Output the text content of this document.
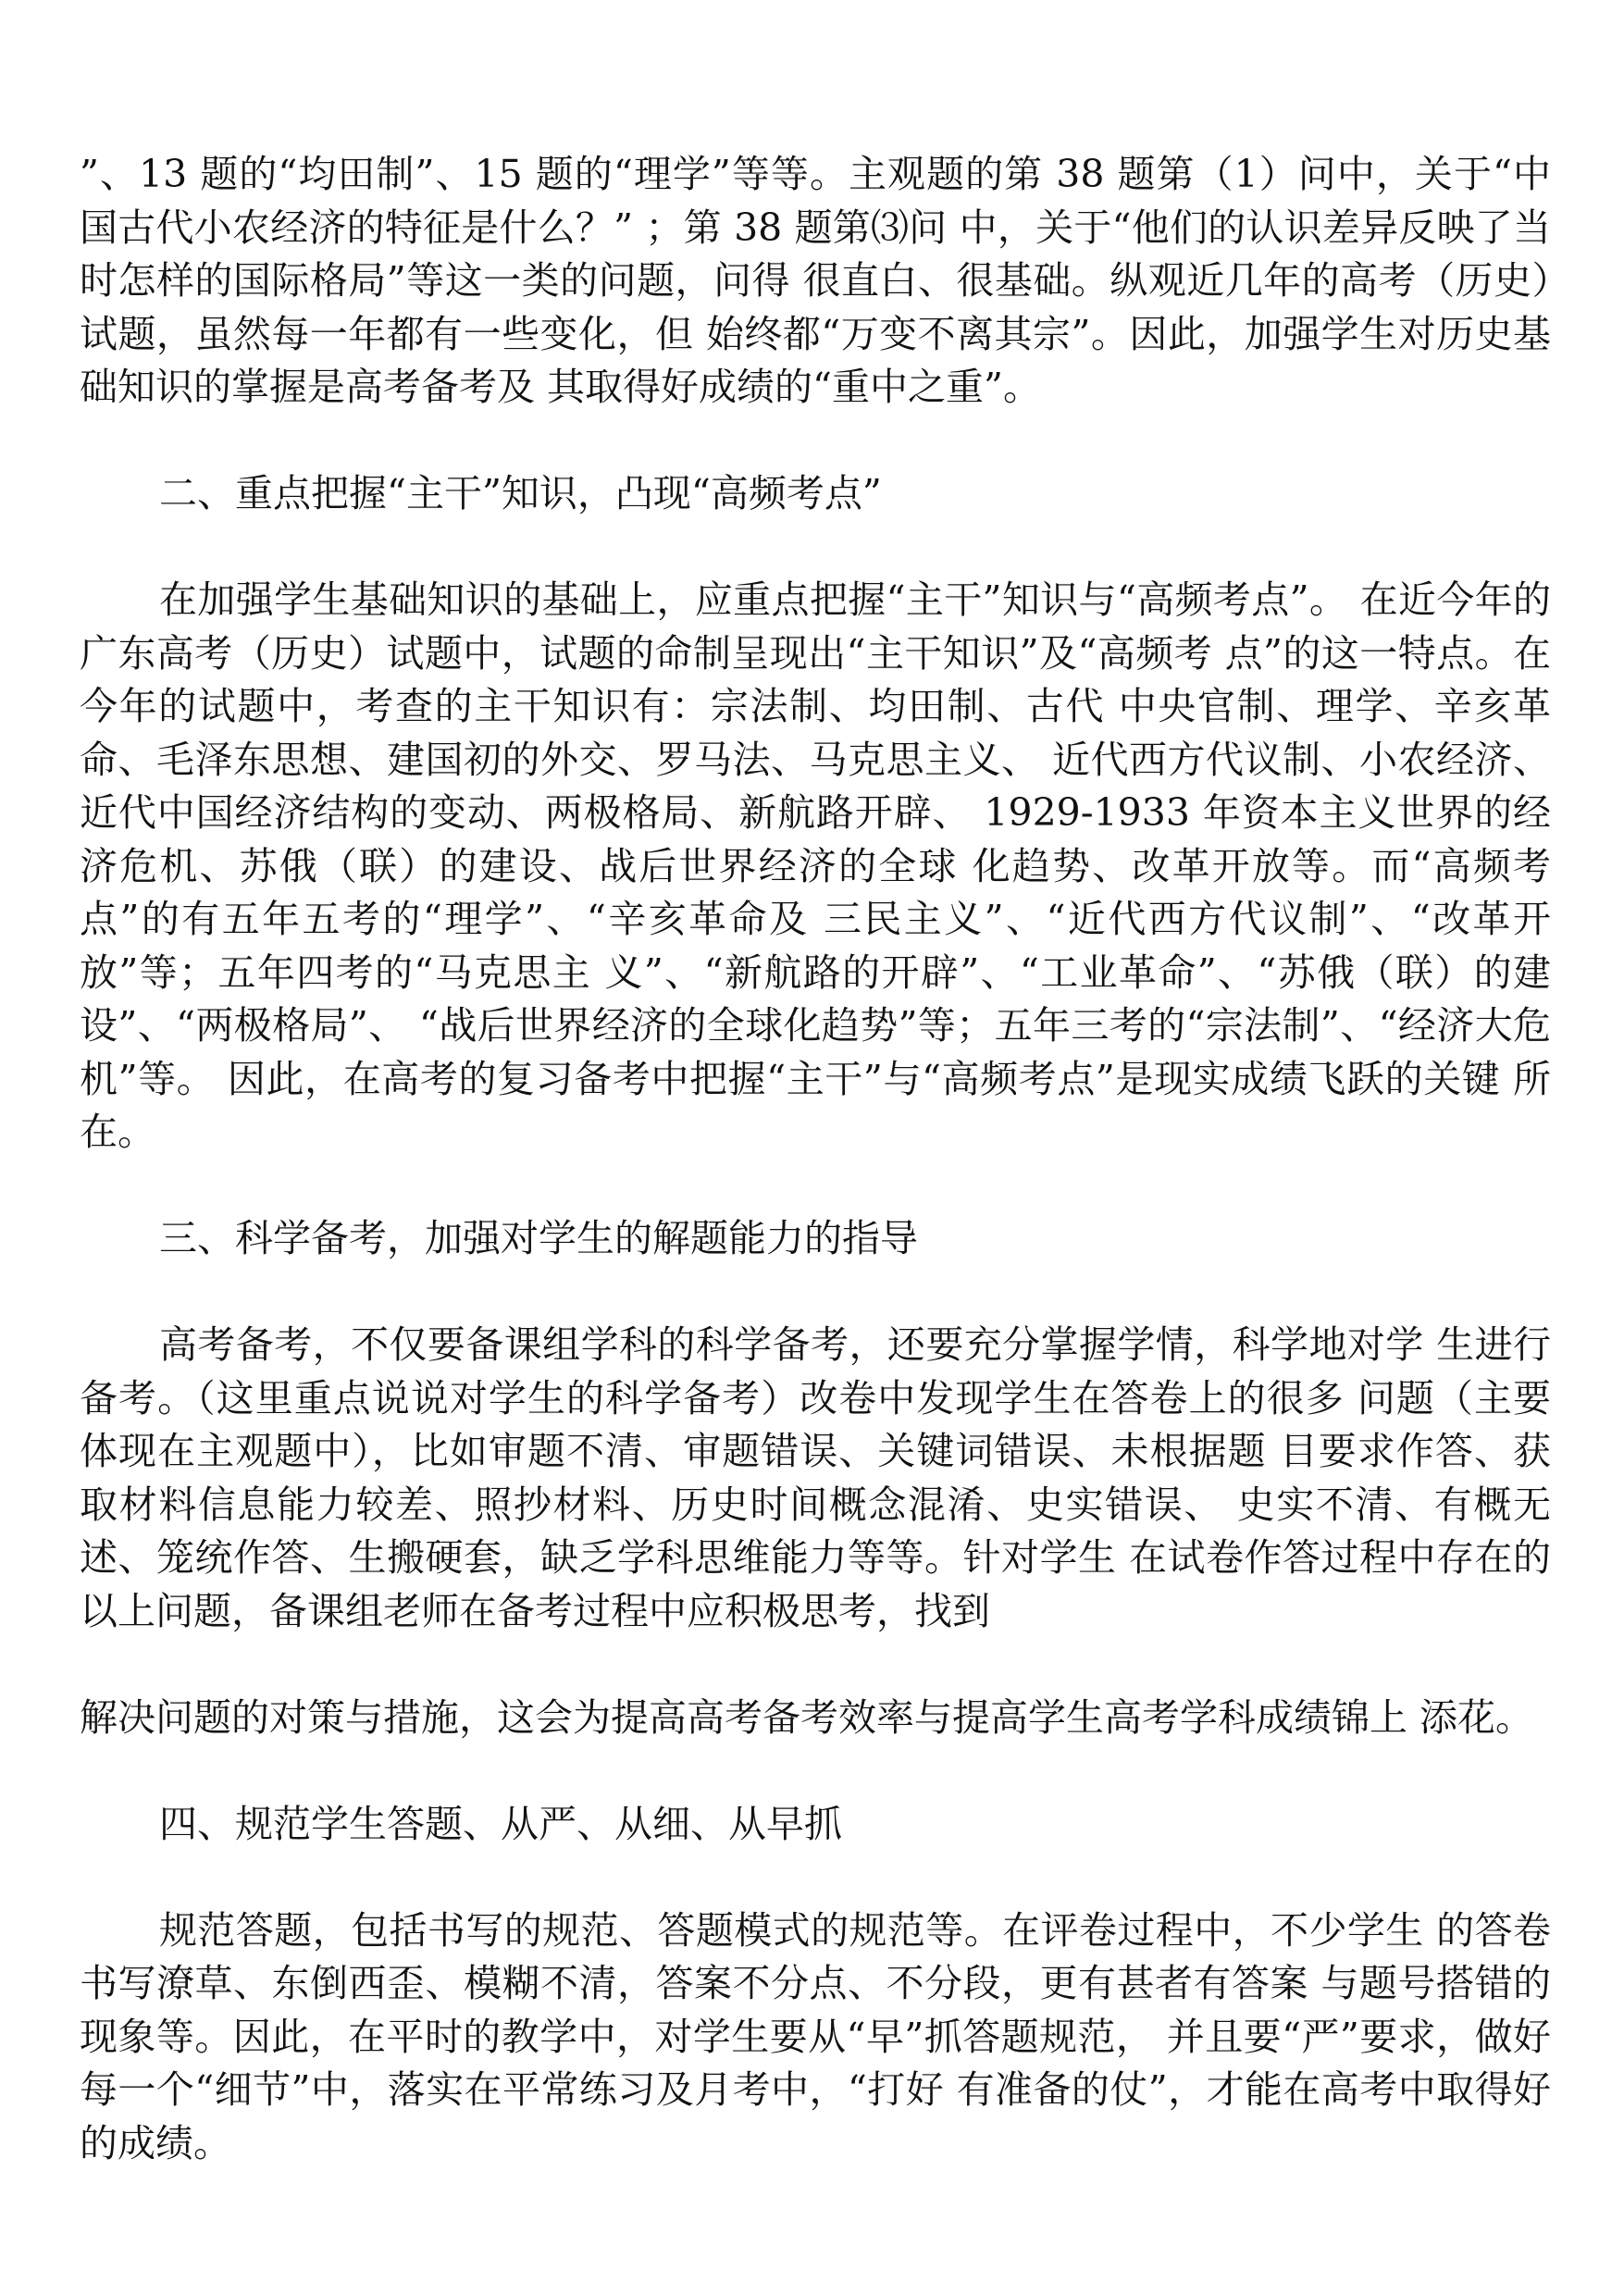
”、13 题的“均田制”、15 题的“理学”等等。主观题的第 38 题第（1）问中，关于“中国古代小农经济的特征是什么？” ；第 38 题第⑶问 中，关于“他们的认识差异反映了当时怎样的国际格局”等这一类的问题，问得 很直白、很基础。纵观近几年的高考（历史）试题，虽然每一年都有一些变化，但 始终都“万变不离其宗”。因此，加强学生对历史基础知识的掌握是高考备考及 其取得好成绩的“重中之重”。

二、重点把握“主干”知识，凸现“高频考点”

在加强学生基础知识的基础上，应重点把握“主干”知识与“高频考点”。 在近今年的广东高考（历史）试题中，试题的命制呈现出“主干知识”及“高频考 点”的这一特点。在今年的试题中，考查的主干知识有：宗法制、均田制、古代 中央官制、理学、辛亥革命、毛泽东思想、建国初的外交、罗马法、马克思主义、 近代西方代议制、小农经济、近代中国经济结构的变动、两极格局、新航路开辟、 1929-1933 年资本主义世界的经济危机、苏俄（联）的建设、战后世界经济的全球 化趋势、改革开放等。而“高频考点”的有五年五考的“理学”、“辛亥革命及 三民主义”、“近代西方代议制”、“改革开放”等；五年四考的“马克思主 义”、“新航路的开辟”、“工业革命”、“苏俄（联）的建设”、“两极格局”、 “战后世界经济的全球化趋势”等；五年三考的“宗法制”、“经济大危机”等。 因此，在高考的复习备考中把握“主干”与“高频考点”是现实成绩飞跃的关键 所在。

三、科学备考，加强对学生的解题能力的指导

高考备考，不仅要备课组学科的科学备考，还要充分掌握学情，科学地对学 生进行备考。（这里重点说说对学生的科学备考）改卷中发现学生在答卷上的很多 问题（主要体现在主观题中），比如审题不清、审题错误、关键词错误、未根据题 目要求作答、获取材料信息能力较差、照抄材料、历史时间概念混淆、史实错误、 史实不清、有概无述、笼统作答、生搬硬套，缺乏学科思维能力等等。针对学生 在试卷作答过程中存在的以上问题，备课组老师在备考过程中应积极思考，找到

解决问题的对策与措施，这会为提高高考备考效率与提高学生高考学科成绩锦上 添花。

四、规范学生答题、从严、从细、从早抓

规范答题，包括书写的规范、答题模式的规范等。在评卷过程中，不少学生 的答卷书写潦草、东倒西歪、模糊不清，答案不分点、不分段，更有甚者有答案 与题号搭错的现象等。因此，在平时的教学中，对学生要从“早”抓答题规范， 并且要“严”要求，做好每一个“细节”中，落实在平常练习及月考中，“打好 有准备的仗”，才能在高考中取得好的成绩。
